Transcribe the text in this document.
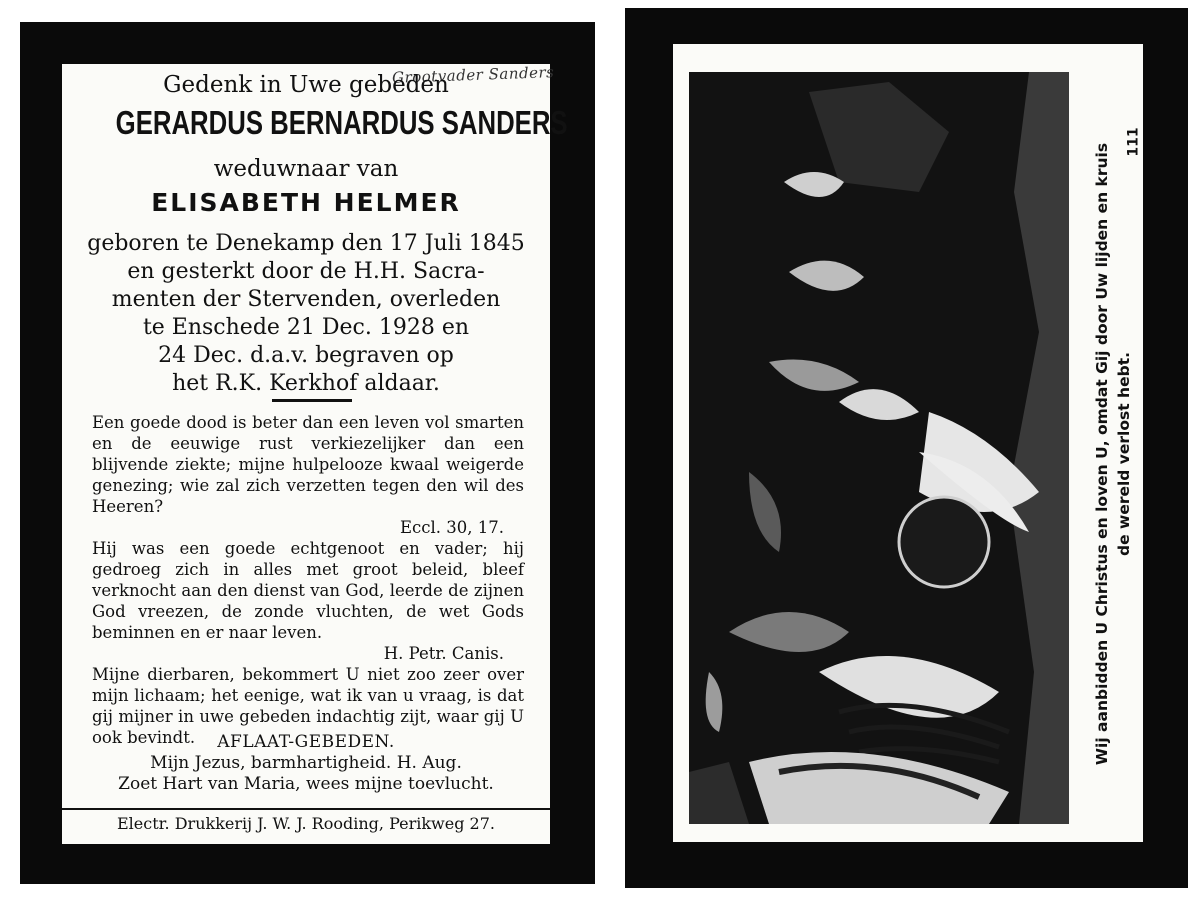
Grootvader Sanders
Gedenk in Uwe gebeden
GERARDUS BERNARDUS SANDERS
weduwnaar van
ELISABETH HELMER
geboren te Denekamp den 17 Juli 1845
en gesterkt door de H.H. Sacra-
menten der Stervenden, overleden
te Enschede 21 Dec. 1928 en
24 Dec. d.a.v. begraven op
het R.K. Kerkhof aldaar.

Een goede dood is beter dan een leven vol smarten en de eeuwige rust verkiezelijker dan een blijvende ziekte; mijne hulpelooze kwaal weigerde genezing; wie zal zich verzetten tegen den wil des Heeren?

Eccl. 30, 17.

Hij was een goede echtgenoot en vader; hij gedroeg zich in alles met groot beleid, bleef verknocht aan den dienst van God, leerde de zijnen God vreezen, de zonde vluchten, de wet Gods beminnen en er naar leven.

H. Petr. Canis.

Mijne dierbaren, bekommert U niet zoo zeer over mijn lichaam; het eenige, wat ik van u vraag, is dat gij mijner in uwe gebeden indachtig zijt, waar gij U ook bevindt.	AFLAAT-GEBEDEN.
Mijn Jezus, barmhartigheid. H. Aug.
Zoet Hart van Maria, wees mijne toevlucht.
Electr. Drukkerij J. W. J. Rooding, Perikweg 27.
Wij aanbidden U Christus en loven U, omdat Gij door Uw lijden en kruis de wereld verlost hebt.
111
